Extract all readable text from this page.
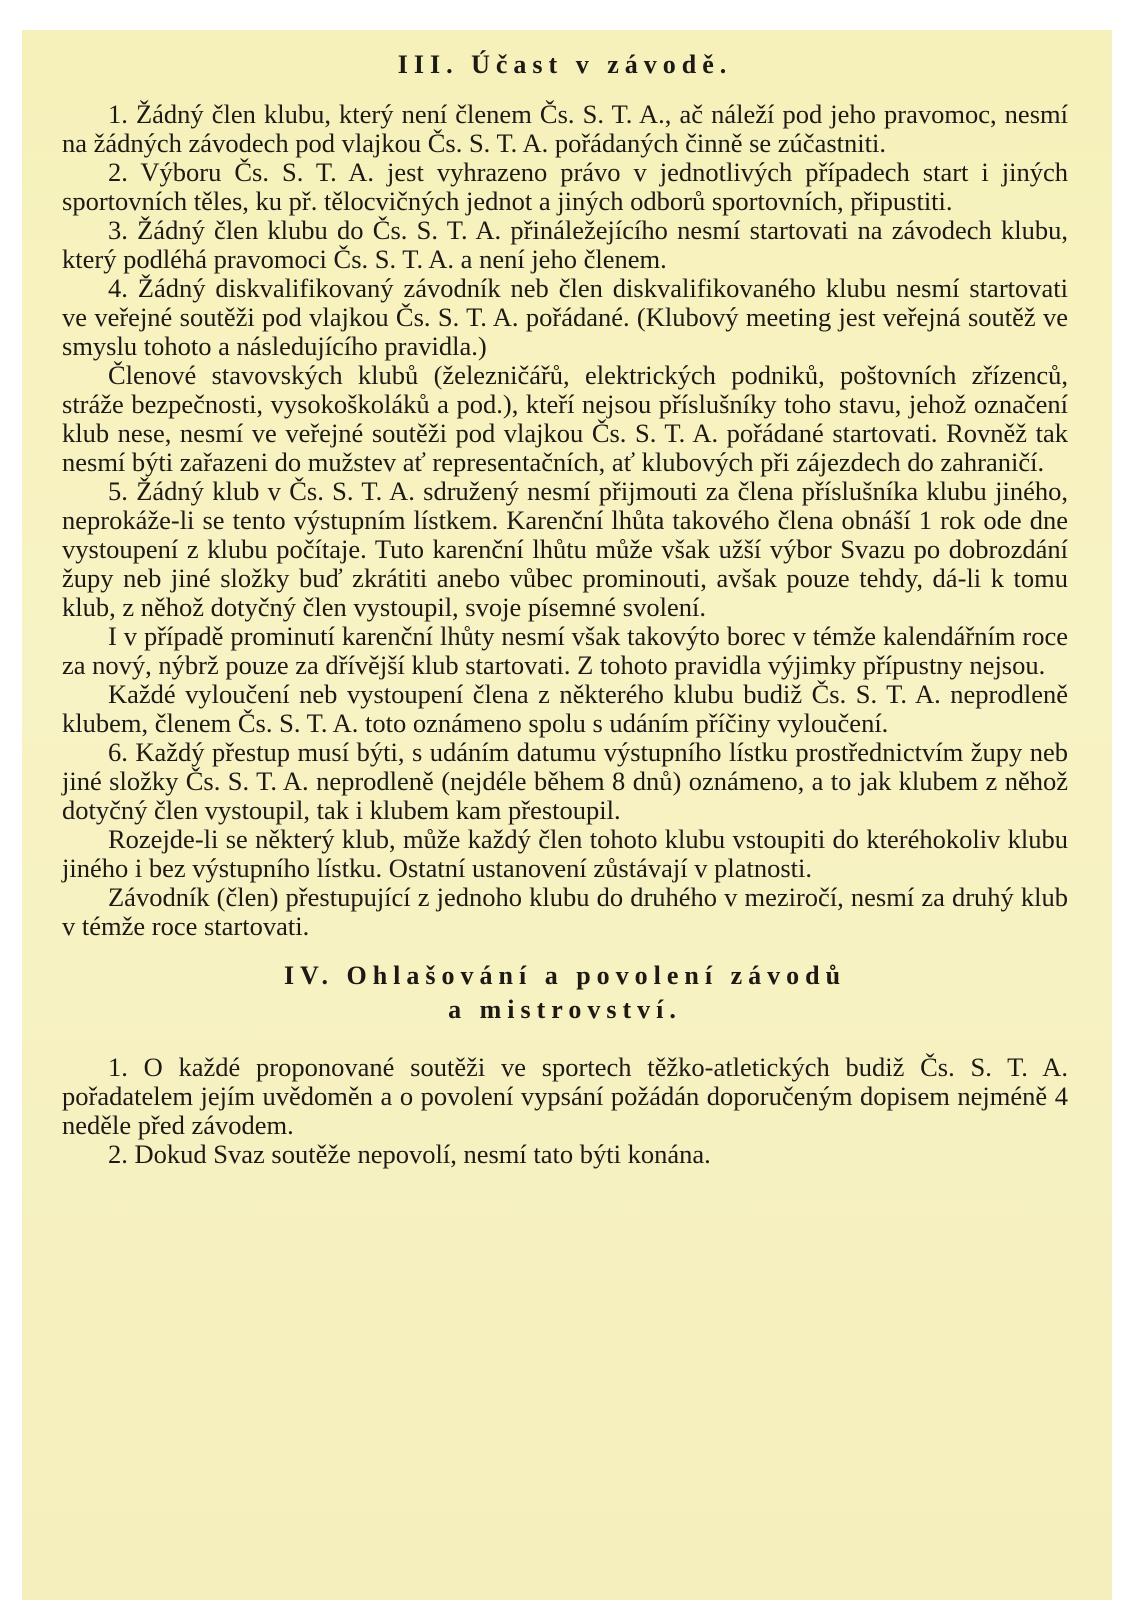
III. Účast v závodě.

1. Žádný člen klubu, který není členem Čs. S. T. A., ač náleží pod jeho pravomoc, nesmí na žádných závodech pod vlajkou Čs. S. T. A. pořádaných činně se zúčastniti.

2. Výboru Čs. S. T. A. jest vyhrazeno právo v jednotlivých případech start i jiných sportovních těles, ku př. tělocvičných jednot a jiných odborů sportovních, připustiti.

3. Žádný člen klubu do Čs. S. T. A. přináležejícího nesmí startovati na závodech klubu, který podléhá pravomoci Čs. S. T. A. a není jeho členem.

4. Žádný diskvalifikovaný závodník neb člen diskvalifikovaného klubu nesmí startovati ve veřejné soutěži pod vlajkou Čs. S. T. A. pořádané. (Klubový meeting jest veřejná soutěž ve smyslu tohoto a následujícího pravidla.)

Členové stavovských klubů (železničářů, elektrických podniků, poštovních zřízenců, stráže bezpečnosti, vysokoškoláků a pod.), kteří nejsou příslušníky toho stavu, jehož označení klub nese, nesmí ve veřejné soutěži pod vlajkou Čs. S. T. A. pořádané startovati. Rovněž tak nesmí býti zařazeni do mužstev ať representačních, ať klubových při zájezdech do zahraničí.

5. Žádný klub v Čs. S. T. A. sdružený nesmí přijmouti za člena příslušníka klubu jiného, neprokáže-li se tento výstupním lístkem. Karenční lhůta takového člena obnáší 1 rok ode dne vystoupení z klubu počítaje. Tuto karenční lhůtu může však užší výbor Svazu po dobrozdání župy neb jiné složky buď zkrátiti anebo vůbec prominouti, avšak pouze tehdy, dá-li k tomu klub, z něhož dotyčný člen vystoupil, svoje písemné svolení.

I v případě prominutí karenční lhůty nesmí však takovýto borec v témže kalendářním roce za nový, nýbrž pouze za dřívější klub startovati. Z tohoto pravidla výjimky přípustny nejsou.

Každé vyloučení neb vystoupení člena z některého klubu budiž Čs. S. T. A. neprodleně klubem, členem Čs. S. T. A. toto oznámeno spolu s udáním příčiny vyloučení.

6. Každý přestup musí býti, s udáním datumu výstupního lístku prostřednictvím župy neb jiné složky Čs. S. T. A. neprodleně (nejdéle během 8 dnů) oznámeno, a to jak klubem z něhož dotyčný člen vystoupil, tak i klubem kam přestoupil.

Rozejde-li se některý klub, může každý člen tohoto klubu vstoupiti do kteréhokoliv klubu jiného i bez výstupního lístku. Ostatní ustanovení zůstávají v platnosti.

Závodník (člen) přestupující z jednoho klubu do druhého v meziročí, nesmí za druhý klub v témže roce startovati.

IV. Ohlašování a povolení závodů
a mistrovství.

1. O každé proponované soutěži ve sportech těžko-atletických budiž Čs. S. T. A. pořadatelem jejím uvědoměn a o povolení vypsání požádán doporučeným dopisem nejméně 4 neděle před závodem.

2. Dokud Svaz soutěže nepovolí, nesmí tato býti konána.
